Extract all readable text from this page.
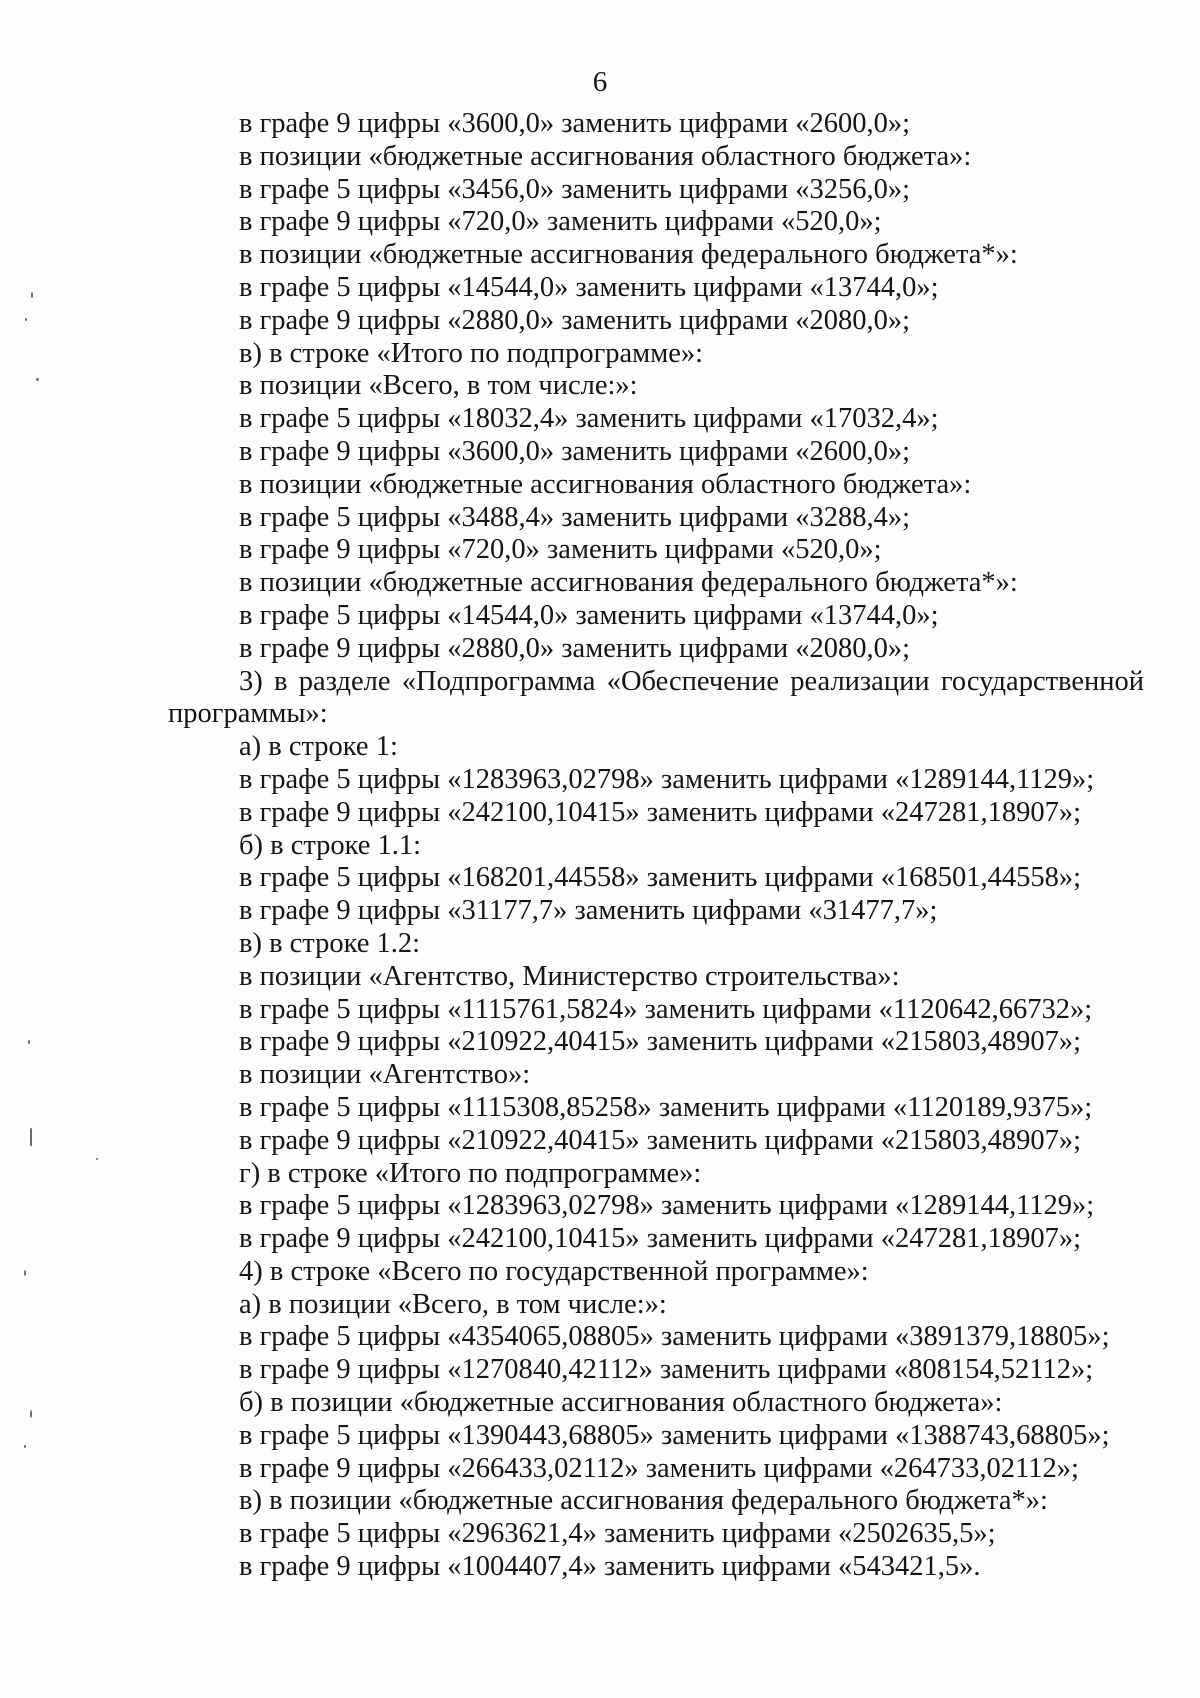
6
в графе 9 цифры «3600,0» заменить цифрами «2600,0»;
в позиции «бюджетные ассигнования областного бюджета»:
в графе 5 цифры «3456,0» заменить цифрами «3256,0»;
в графе 9 цифры «720,0» заменить цифрами «520,0»;
в позиции «бюджетные ассигнования федерального бюджета*»:
в графе 5 цифры «14544,0» заменить цифрами «13744,0»;
в графе 9 цифры «2880,0» заменить цифрами «2080,0»;
в) в строке «Итого по подпрограмме»:
в позиции «Всего, в том числе:»:
в графе 5 цифры «18032,4» заменить цифрами «17032,4»;
в графе 9 цифры «3600,0» заменить цифрами «2600,0»;
в позиции «бюджетные ассигнования областного бюджета»:
в графе 5 цифры «3488,4» заменить цифрами «3288,4»;
в графе 9 цифры «720,0» заменить цифрами «520,0»;
в позиции «бюджетные ассигнования федерального бюджета*»:
в графе 5 цифры «14544,0» заменить цифрами «13744,0»;
в графе 9 цифры «2880,0» заменить цифрами «2080,0»;
3) в разделе «Подпрограмма «Обеспечение реализации государственной
программы»:
а) в строке 1:
в графе 5 цифры «1283963,02798» заменить цифрами «1289144,1129»;
в графе 9 цифры «242100,10415» заменить цифрами «247281,18907»;
б) в строке 1.1:
в графе 5 цифры «168201,44558» заменить цифрами «168501,44558»;
в графе 9 цифры «31177,7» заменить цифрами «31477,7»;
в) в строке 1.2:
в позиции «Агентство, Министерство строительства»:
в графе 5 цифры «1115761,5824» заменить цифрами «1120642,66732»;
в графе 9 цифры «210922,40415» заменить цифрами «215803,48907»;
в позиции «Агентство»:
в графе 5 цифры «1115308,85258» заменить цифрами «1120189,9375»;
в графе 9 цифры «210922,40415» заменить цифрами «215803,48907»;
г) в строке «Итого по подпрограмме»:
в графе 5 цифры «1283963,02798» заменить цифрами «1289144,1129»;
в графе 9 цифры «242100,10415» заменить цифрами «247281,18907»;
4) в строке «Всего по государственной программе»:
а) в позиции «Всего, в том числе:»:
в графе 5 цифры «4354065,08805» заменить цифрами «3891379,18805»;
в графе 9 цифры «1270840,42112» заменить цифрами «808154,52112»;
б) в позиции «бюджетные ассигнования областного бюджета»:
в графе 5 цифры «1390443,68805» заменить цифрами «1388743,68805»;
в графе 9 цифры «266433,02112» заменить цифрами «264733,02112»;
в) в позиции «бюджетные ассигнования федерального бюджета*»:
в графе 5 цифры «2963621,4» заменить цифрами «2502635,5»;
в графе 9 цифры «1004407,4» заменить цифрами «543421,5».
